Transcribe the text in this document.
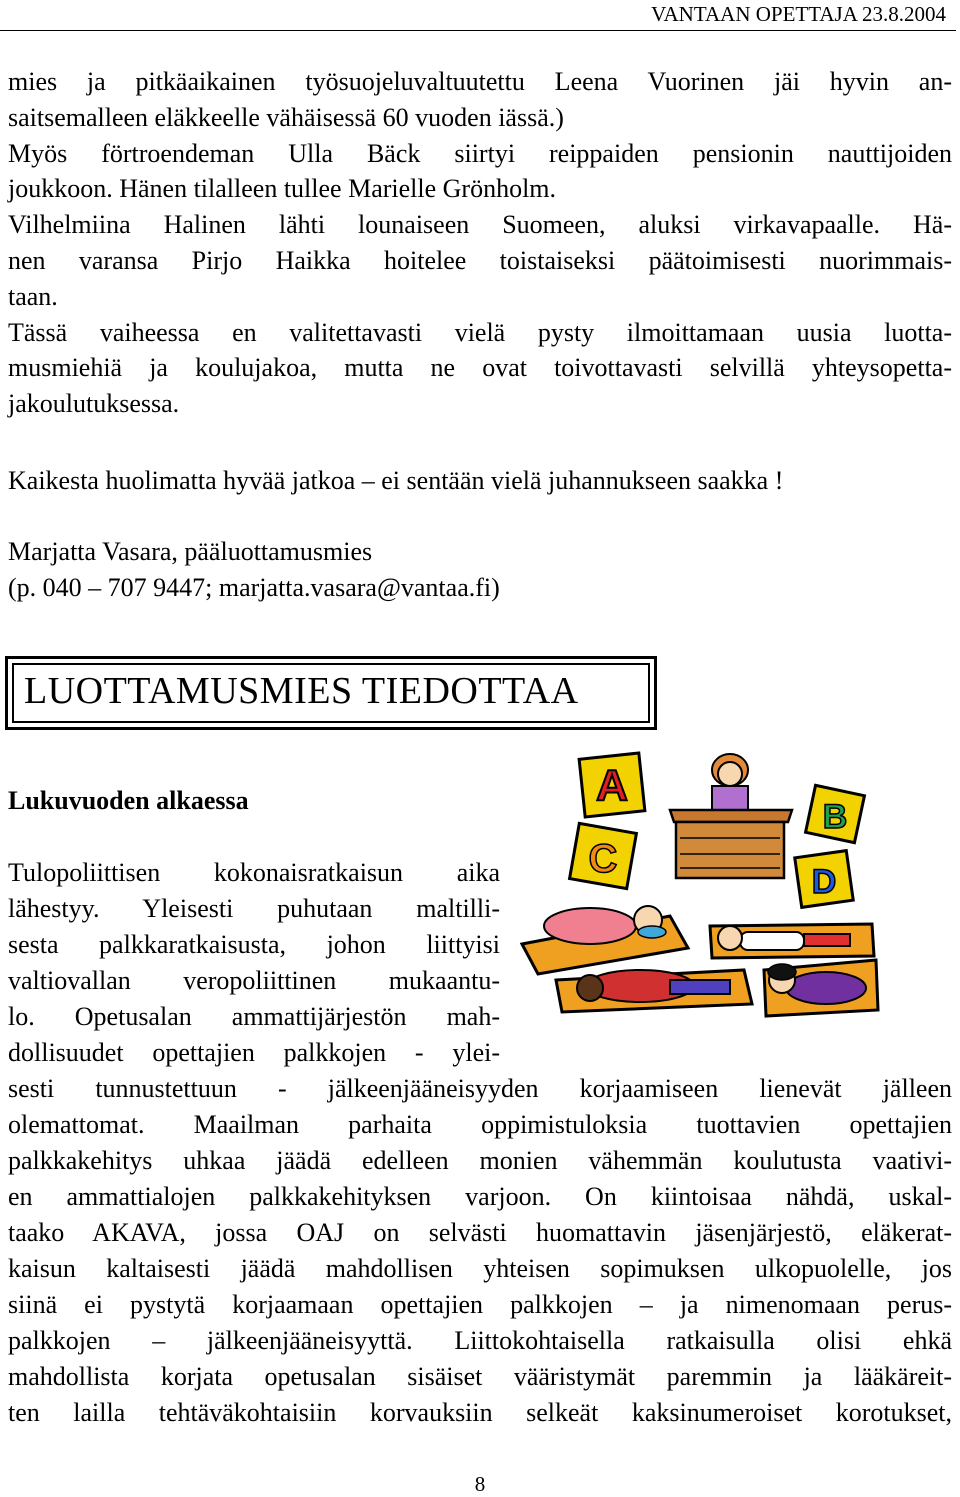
VANTAAN OPETTAJA 23.8.2004
mies ja pitkäaikainen työsuojeluvaltuutettu Leena Vuorinen jäi hyvin an-
saitsemalleen eläkkeelle vähäisessä 60 vuoden iässä.)
Myös förtroendeman Ulla Bäck siirtyi reippaiden pensionin nauttijoiden
joukkoon. Hänen tilalleen tullee Marielle Grönholm.
Vilhelmiina Halinen lähti lounaiseen Suomeen, aluksi virkavapaalle. Hä-
nen varansa Pirjo Haikka hoitelee toistaiseksi päätoimisesti nuorimmais-
taan.
Tässä vaiheessa en valitettavasti vielä pysty ilmoittamaan uusia luotta-
musmiehiä ja koulujakoa, mutta ne ovat toivottavasti selvillä yhteysopetta-
jakoulutuksessa.
Kaikesta huolimatta hyvää jatkoa – ei sentään vielä juhannukseen saakka !
Marjatta Vasara, pääluottamusmies
(p. 040 – 707 9447; marjatta.vasara@vantaa.fi)
LUOTTAMUSMIES TIEDOTTAA
Lukuvuoden alkaessa
Tulopoliittisen kokonaisratkaisun aika
lähestyy. Yleisesti puhutaan maltilli-
sesta palkkaratkaisusta, johon liittyisi
valtiovallan veropoliittinen mukaantu-
lo. Opetusalan ammattijärjestön mah-
dollisuudet opettajien palkkojen - ylei-
sesti tunnustettuun - jälkeenjääneisyyden korjaamiseen lienevät jälleen
olemattomat. Maailman parhaita oppimistuloksia tuottavien opettajien
palkkakehitys uhkaa jäädä edelleen monien vähemmän koulutusta vaativi-
en ammattialojen palkkakehityksen varjoon. On kiintoisaa nähdä, uskal-
taako AKAVA, jossa OAJ on selvästi huomattavin jäsenjärjestö, eläkerat-
kaisun kaltaisesti jäädä mahdollisen yhteisen sopimuksen ulkopuolelle, jos
siinä ei pystytä korjaamaan opettajien palkkojen – ja nimenomaan perus-
palkkojen – jälkeenjääneisyyttä. Liittokohtaisella ratkaisulla olisi ehkä
mahdollista korjata opetusalan sisäiset vääristymät paremmin ja lääkäreit-
ten lailla tehtäväkohtaisiin korvauksiin selkeät kaksinumeroiset korotukset,
A
B
C
D
8
